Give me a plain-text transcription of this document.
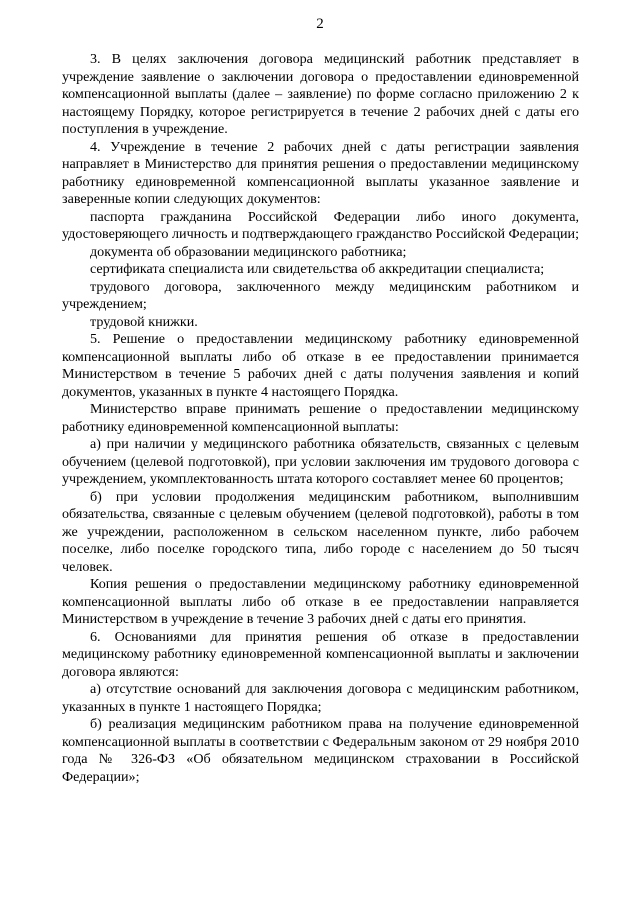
2

3. В целях заключения договора медицинский работник представляет в учреждение заявление о заключении договора о предоставлении единовременной компенсационной выплаты (далее – заявление) по форме согласно приложению 2 к настоящему Порядку, которое регистрируется в течение 2 рабочих дней с даты его поступления в учреждение.

4. Учреждение в течение 2 рабочих дней с даты регистрации заявления направляет в Министерство для принятия решения о предоставлении медицинскому работнику единовременной компенсационной выплаты указанное заявление и заверенные копии следующих документов:

паспорта гражданина Российской Федерации либо иного документа, удостоверяющего личность и подтверждающего гражданство Российской Федерации;

документа об образовании медицинского работника;

сертификата специалиста или свидетельства об аккредитации специалиста;

трудового договора, заключенного между медицинским работником и учреждением;

трудовой книжки.

5. Решение о предоставлении медицинскому работнику единовременной компенсационной выплаты либо об отказе в ее предоставлении принимается Министерством в течение 5 рабочих дней с даты получения заявления и копий документов, указанных в пункте 4 настоящего Порядка.

Министерство вправе принимать решение о предоставлении медицинскому работнику единовременной компенсационной выплаты:

а) при наличии у медицинского работника обязательств, связанных с целевым обучением (целевой подготовкой), при условии заключения им трудового договора с учреждением, укомплектованность штата которого составляет менее 60 процентов;

б) при условии продолжения медицинским работником, выполнившим обязательства, связанные с целевым обучением (целевой подготовкой), работы в том же учреждении, расположенном в сельском населенном пункте, либо рабочем поселке, либо поселке городского типа, либо городе с населением до 50 тысяч человек.

Копия решения о предоставлении медицинскому работнику единовременной компенсационной выплаты либо об отказе в ее предоставлении направляется Министерством в учреждение в течение 3 рабочих дней с даты его принятия.

6. Основаниями для принятия решения об отказе в предоставлении медицинскому работнику единовременной компенсационной выплаты и заключении договора являются:

а) отсутствие оснований для заключения договора с медицинским работником, указанных в пункте 1 настоящего Порядка;

б) реализация медицинским работником права на получение единовременной компенсационной выплаты в соответствии с Федеральным законом от 29 ноября 2010 года № 326-ФЗ «Об обязательном медицинском страховании в Российской Федерации»;
